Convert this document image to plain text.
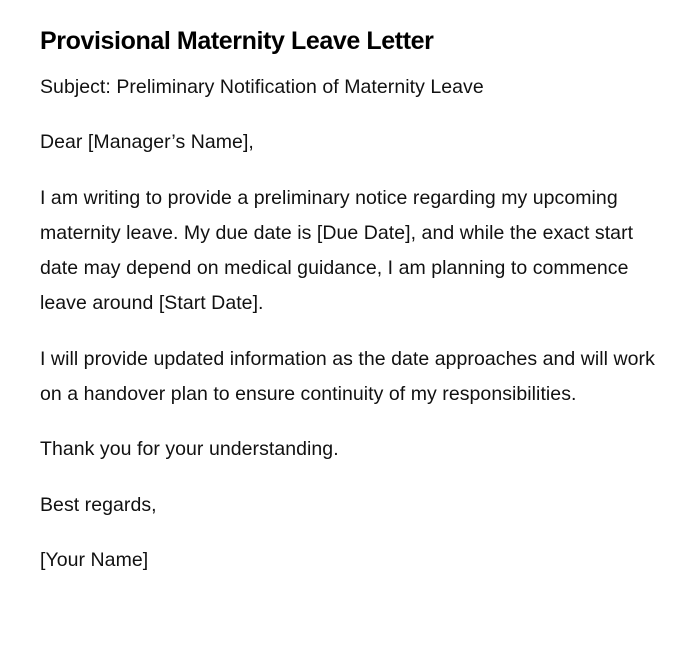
Provisional Maternity Leave Letter

Subject: Preliminary Notification of Maternity Leave

Dear [Manager’s Name],

I am writing to provide a preliminary notice regarding my upcoming maternity leave. My due date is [Due Date], and while the exact start date may depend on medical guidance, I am planning to commence leave around [Start Date].

I will provide updated information as the date approaches and will work on a handover plan to ensure continuity of my responsibilities.

Thank you for your understanding.

Best regards,

[Your Name]
